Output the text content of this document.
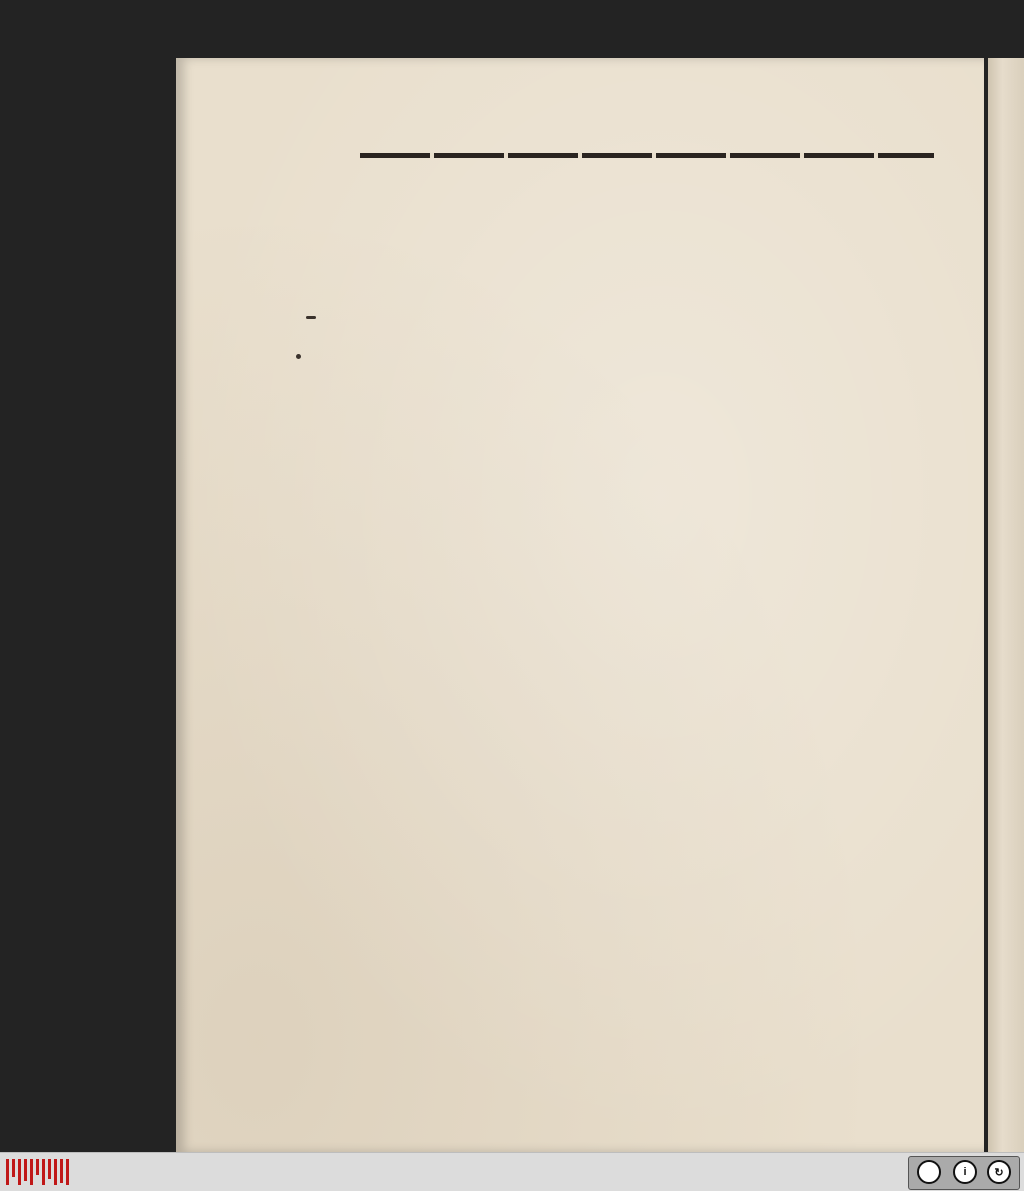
i	↻
